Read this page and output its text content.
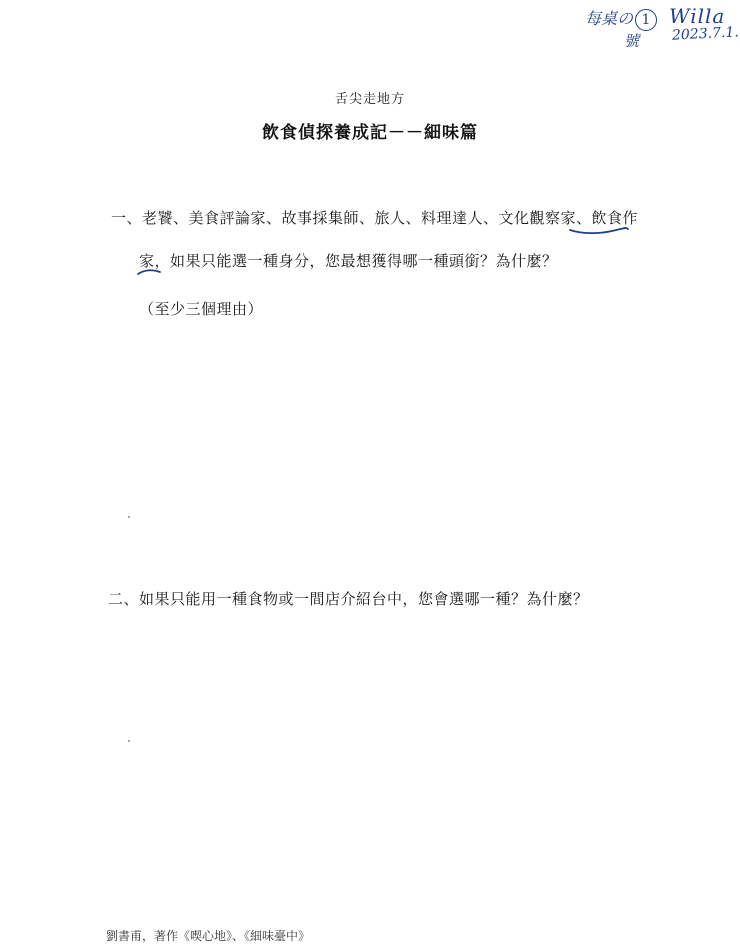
每桌の 1
號
Willa
2023.7.1.
舌尖走地方
飲食偵探養成記－－細味篇
一、老饕、美食評論家、故事採集師、旅人、料理達人、文化觀察家、飲食作
家，如果只能選一種身分，您最想獲得哪一種頭銜？為什麼？
（至少三個理由）
二、如果只能用一種食物或一間店介紹台中，您會選哪一種？為什麼？
劉書甫，著作《喫心地》、《細味臺中》
